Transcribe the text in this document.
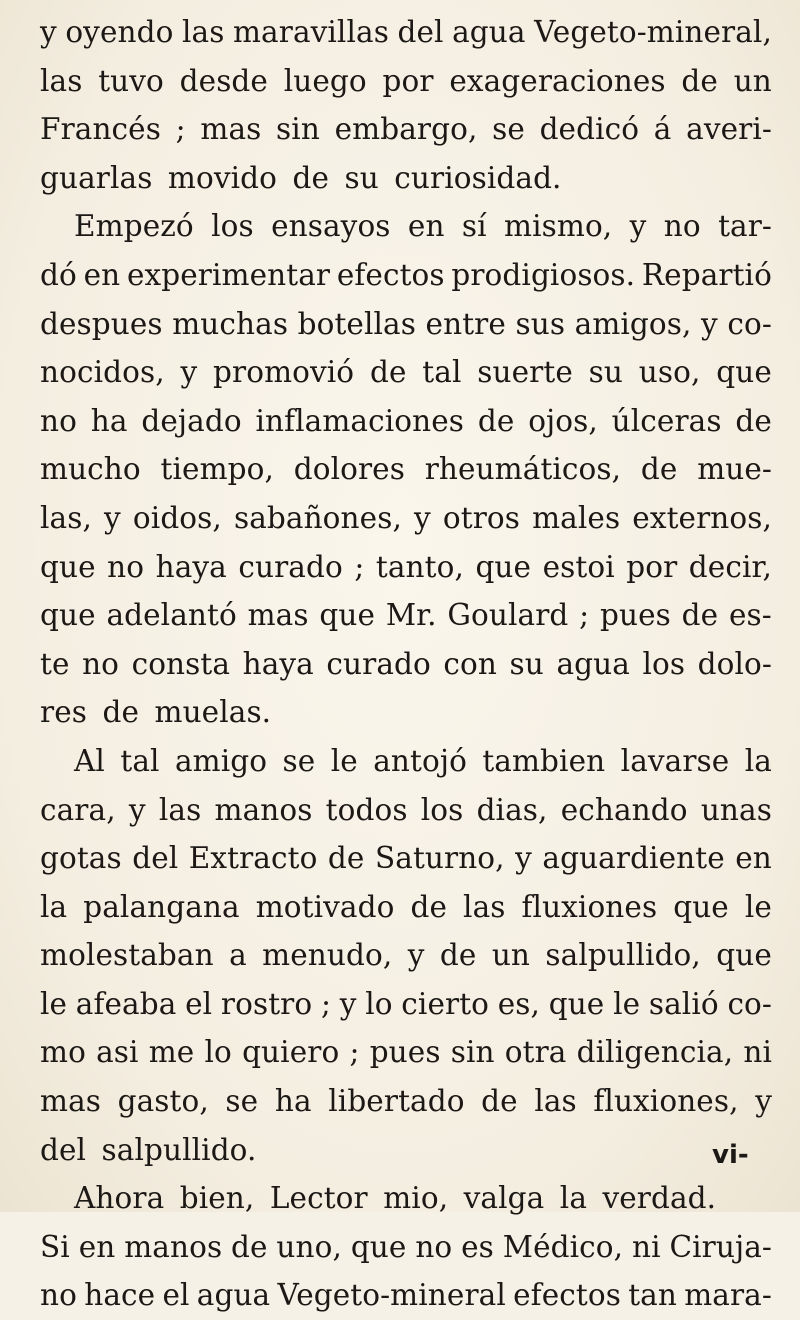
y oyendo las maravillas del agua Vegeto-mineral,
las tuvo desde luego por exageraciones de un
Francés ; mas sin embargo, se dedicó á averi-
guarlas movido de su curiosidad.
Empezó los ensayos en sí mismo, y no tar-
dó en experimentar efectos prodigiosos. Repartió
despues muchas botellas entre sus amigos, y co-
nocidos, y promovió de tal suerte su uso, que
no ha dejado inflamaciones de ojos, úlceras de
mucho tiempo, dolores rheumáticos, de mue-
las, y oidos, sabañones, y otros males externos,
que no haya curado ; tanto, que estoi por decir,
que adelantó mas que Mr. Goulard ; pues de es-
te no consta haya curado con su agua los dolo-
res de muelas.
Al tal amigo se le antojó tambien lavarse la
cara, y las manos todos los dias, echando unas
gotas del Extracto de Saturno, y aguardiente en
la palangana motivado de las fluxiones que le
molestaban a menudo, y de un salpullido, que
le afeaba el rostro ; y lo cierto es, que le salió co-
mo asi me lo quiero ; pues sin otra diligencia, ni
mas gasto, se ha libertado de las fluxiones, y
del salpullido.
Ahora bien, Lector mio, valga la verdad.
Si en manos de uno, que no es Médico, ni Ciruja-
no hace el agua Vegeto-mineral efectos tan mara-
vi-
